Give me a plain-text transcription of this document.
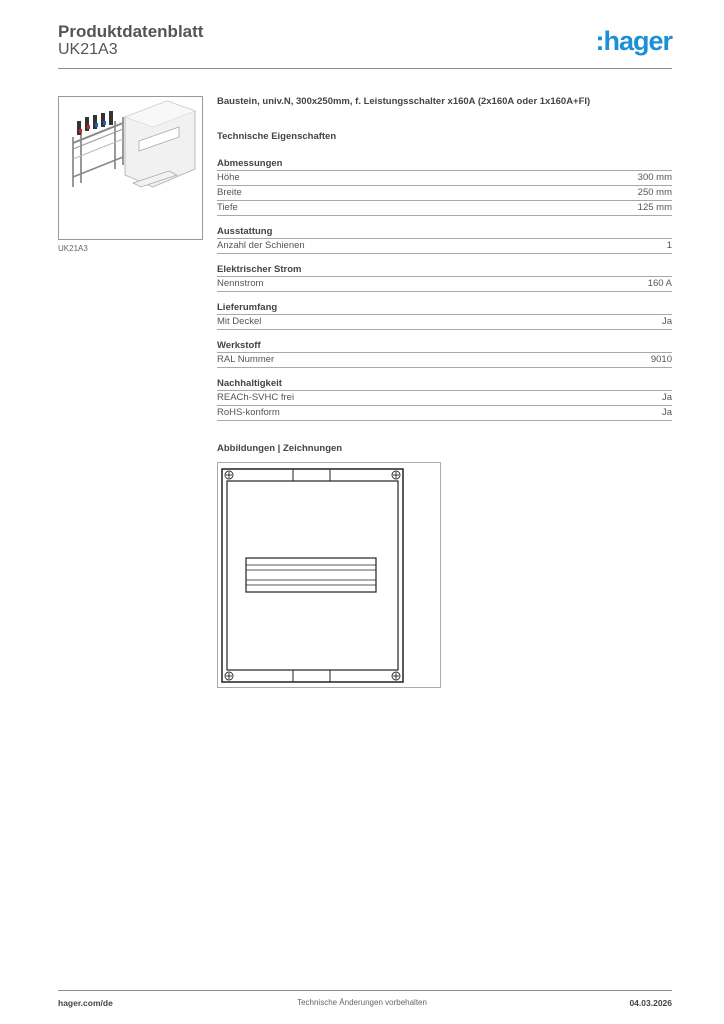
Produktdatenblatt
UK21A3	:hager
UK21A3
Baustein, univ.N, 300x250mm, f. Leistungsschalter x160A (2x160A oder 1x160A+FI)
Technische Eigenschaften
Abmessungen
Höhe	300 mm
Breite	250 mm
Tiefe	125 mm
Ausstattung
Anzahl der Schienen	1
Elektrischer Strom
Nennstrom	160 A
Lieferumfang
Mit Deckel	Ja
Werkstoff
RAL Nummer	9010
Nachhaltigkeit
REACh-SVHC frei	Ja
RoHS-konform	Ja
Abbildungen | Zeichnungen
hager.com/de	Technische Änderungen vorbehalten	04.03.2026
